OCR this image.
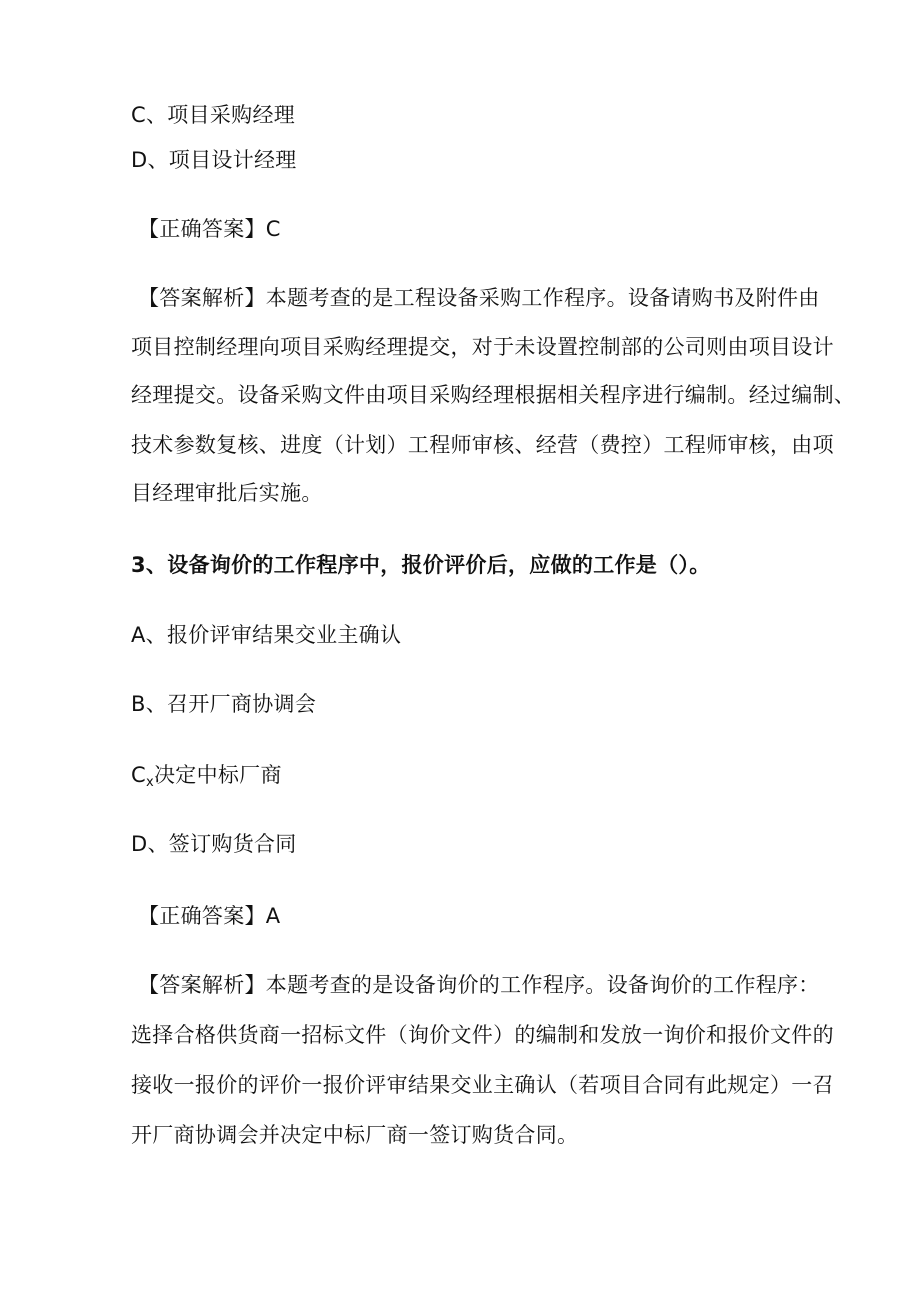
C、项目采购经理
D、项目设计经理
【正确答案】C
【答案解析】本题考查的是工程设备采购工作程序。设备请购书及附件由
项目控制经理向项目采购经理提交，对于未设置控制部的公司则由项目设计
经理提交。设备采购文件由项目采购经理根据相关程序进行编制。经过编制、
技术参数复核、进度（计划）工程师审核、经营（费控）工程师审核，由项
目经理审批后实施。
3、设备询价的工作程序中，报价评价后，应做的工作是（）。
A、报价评审结果交业主确认
B、召开厂商协调会
$C_x$决定中标厂商
D、签订购货合同
【正确答案】A
【答案解析】本题考查的是设备询价的工作程序。设备询价的工作程序：
选择合格供货商一招标文件（询价文件）的编制和发放一询价和报价文件的
接收一报价的评价一报价评审结果交业主确认（若项目合同有此规定）一召
开厂商协调会并决定中标厂商一签订购货合同。
